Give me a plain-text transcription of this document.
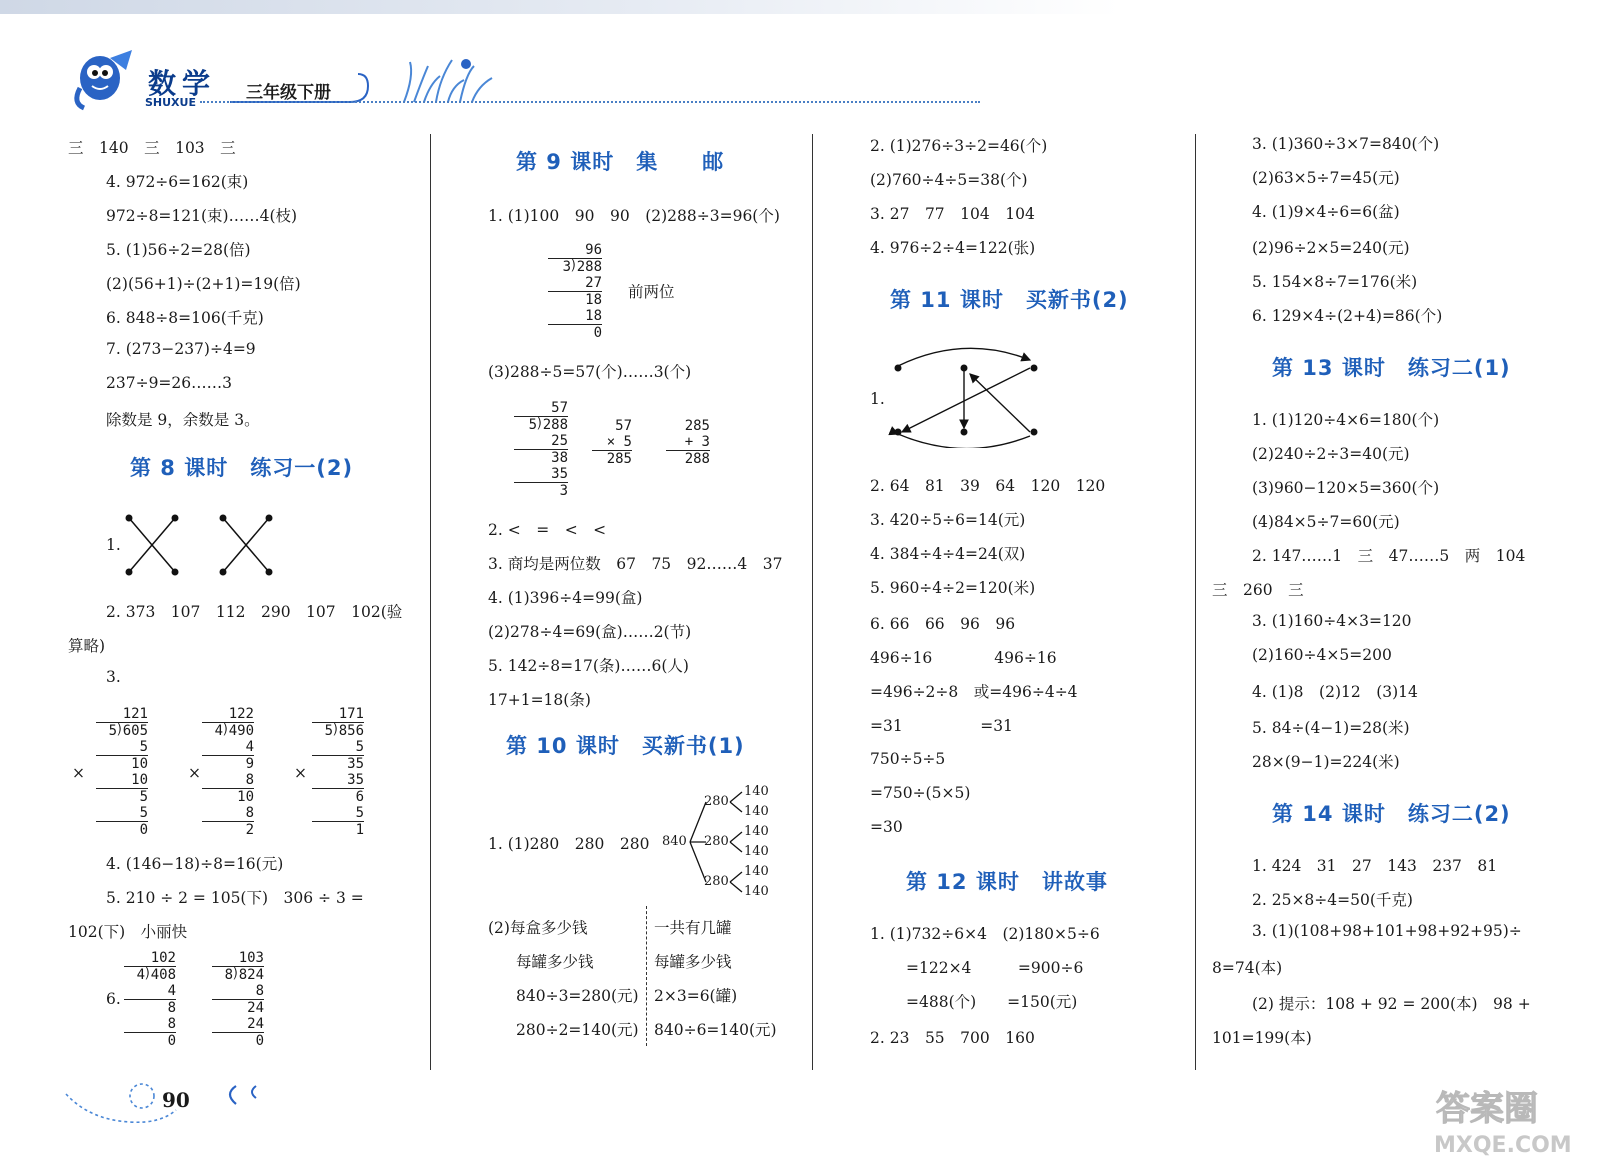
数学
SHUXUE	三年级下册
三　140　三　103　三
4. 972÷6=162(束)
972÷8=121(束)……4(枝)
5. (1)56÷2=28(倍)
(2)(56+1)÷(2+1)=19(倍)
6. 848÷8=106(千克)
7. (273−237)÷4=9
237÷9=26……3
除数是 9，余数是 3。
第 8 课时　练习一(2)
1.
2. 373　107　112　290　107　102(验
算略)
3.
121
5⟌605
5
10
10
5
5
0
×
122
4⟌490
4
9
8
10
8
2
×
171
5⟌856
5
35
35
6
5
1
×
4. (146−18)÷8=16(元)
5. 210 ÷ 2 = 105(下)　306 ÷ 3 =
102(下)　小丽快
6.
102
4⟌408
4
8
8
0
103
8⟌824
8
24
24
0
第 9 课时　集　　邮
1. (1)100　90　90　(2)288÷3=96(个)
96
3⟌288
27
18
18
0
前两位
(3)288÷5=57(个)……3(个)
57
5⟌288
25
38
35
3
57
× 5
285
285
+ 3
288
2. <　=　<　<
3. 商均是两位数　67　75　92……4　37
4. (1)396÷4=99(盒)
(2)278÷4=69(盒)……2(节)
5. 142÷8=17(条)……6(人)
17+1=18(条)
第 10 课时　买新书(1)
1. (1)280　280　280 840
280
280
280
140
140
140
140
140
140
(2)每盒多少钱
每罐多少钱
840÷3=280(元)
280÷2=140(元)
一共有几罐
每罐多少钱
2×3=6(罐)
840÷6=140(元)
2. (1)276÷3÷2=46(个)
(2)760÷4÷5=38(个)
3. 27　77　104　104
4. 976÷2÷4=122(张)
第 11 课时　买新书(2)
1.
2. 64　81　39　64　120　120
3. 420÷5÷6=14(元)
4. 384÷4÷4=24(双)
5. 960÷4÷2=120(米)
6. 66　66　96　96
496÷16　　　　496÷16
=496÷2÷8　或=496÷4÷4
=31　　　　　=31
750÷5÷5
=750÷(5×5)
=30
第 12 课时　讲故事
1. (1)732÷6×4　(2)180×5÷6
=122×4　　　=900÷6
=488(个)　　=150(元)
2. 23　55　700　160
3. (1)360÷3×7=840(个)
(2)63×5÷7=45(元)
4. (1)9×4÷6=6(盆)
(2)96÷2×5=240(元)
5. 154×8÷7=176(米)
6. 129×4÷(2+4)=86(个)
第 13 课时　练习二(1)
1. (1)120÷4×6=180(个)
(2)240÷2÷3=40(元)
(3)960−120×5=360(个)
(4)84×5÷7=60(元)
2. 147……1　三　47……5　两　104
三　260　三
3. (1)160÷4×3=120
(2)160÷4×5=200
4. (1)8　(2)12　(3)14
5. 84÷(4−1)=28(米)
28×(9−1)=224(米)
第 14 课时　练习二(2)
1. 424　31　27　143　237　81
2. 25×8÷4=50(千克)
3. (1)(108+98+101+98+92+95)÷
8=74(本)
(2) 提示：108 + 92 = 200(本)　98 +
101=199(本)
90	答案圈
MXQE.COM
